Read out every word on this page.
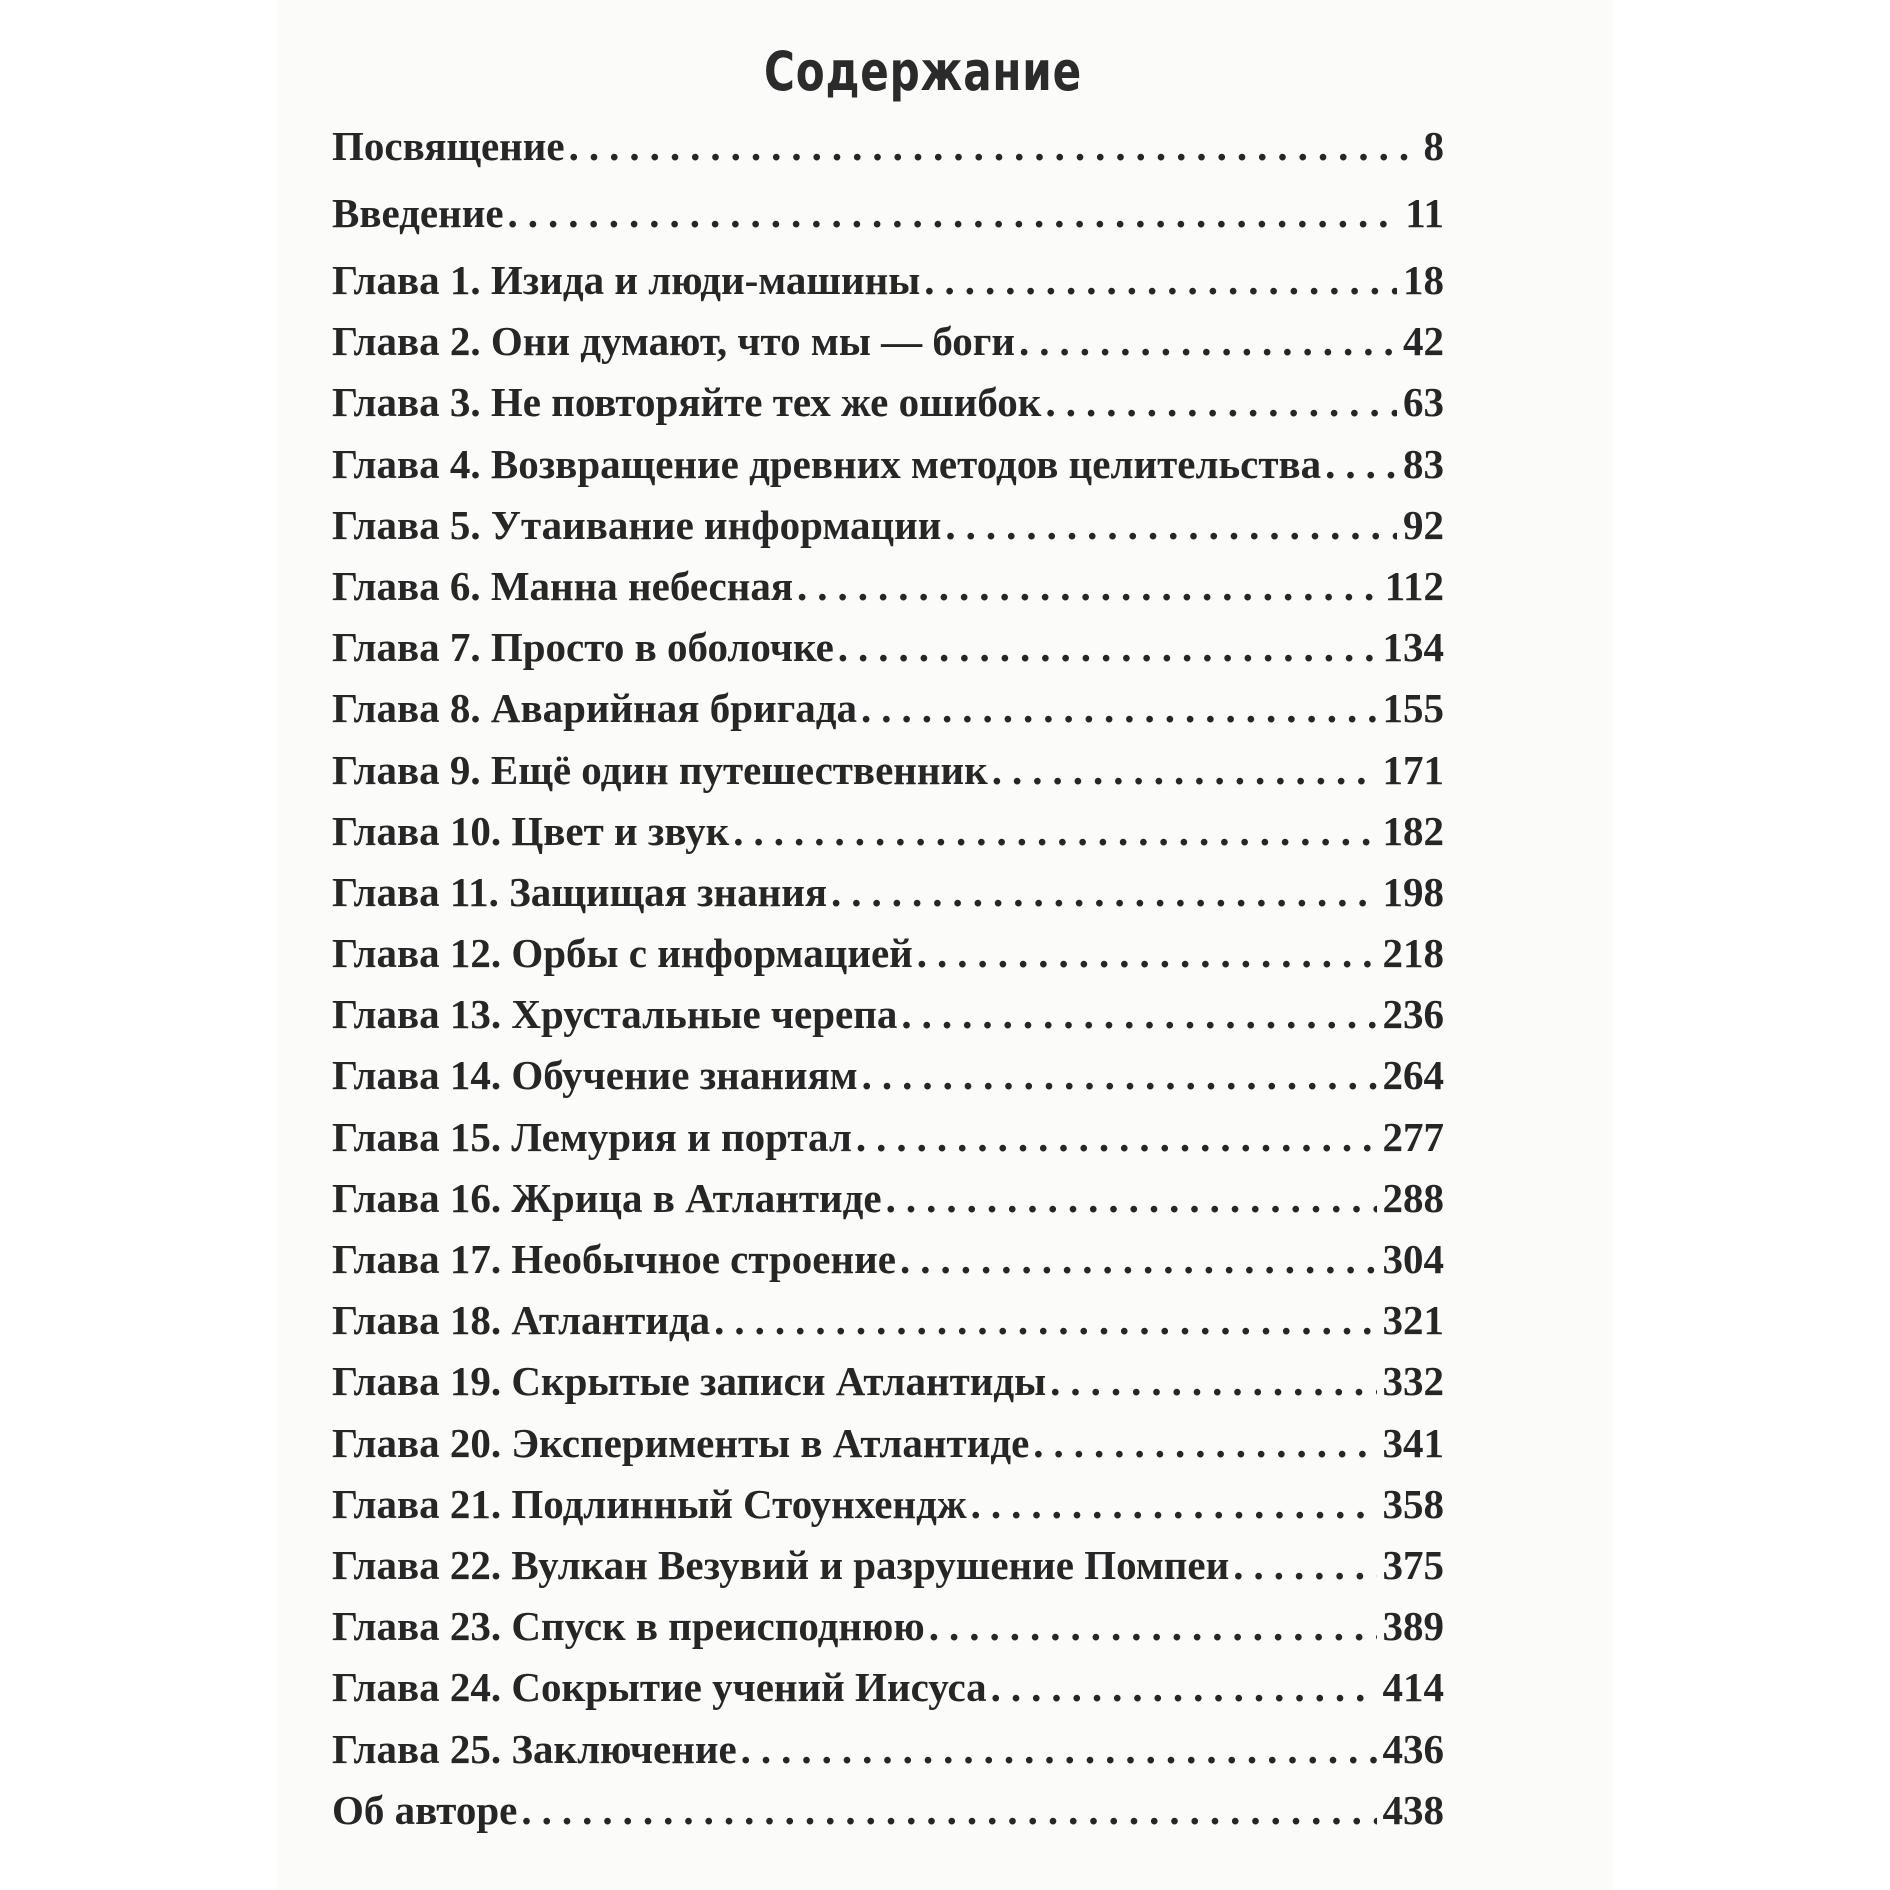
Содержание
Посвящение .....	8
Введение .....	11
Глава 1. Изида и люди-машины .....	18
Глава 2. Они думают, что мы — боги .....	42
Глава 3. Не повторяйте тех же ошибок .....	63
Глава 4. Возвращение древних методов целительства ..... 83
Глава 5. Утаивание информации .....	92
Глава 6. Манна небесная .....	112
Глава 7. Просто в оболочке .....	134
Глава 8. Аварийная бригада .....	155
Глава 9. Ещё один путешественник .....	171
Глава 10. Цвет и звук .....	182
Глава 11. Защищая знания .....	198
Глава 12. Орбы с информацией .....	218
Глава 13. Хрустальные черепа .....	236
Глава 14. Обучение знаниям .....	264
Глава 15. Лемурия и портал .....	277
Глава 16. Жрица в Атлантиде .....	288
Глава 17. Необычное строение .....	304
Глава 18. Атлантида .....	321
Глава 19. Скрытые записи Атлантиды .....	332
Глава 20. Эксперименты в Атлантиде .....	341
Глава 21. Подлинный Стоунхендж .....	358
Глава 22. Вулкан Везувий и разрушение Помпеи .....	375
Глава 23. Спуск в преисподнюю .....	389
Глава 24. Сокрытие учений Иисуса .....	414
Глава 25. Заключение .....	436
Об авторе .....	438
